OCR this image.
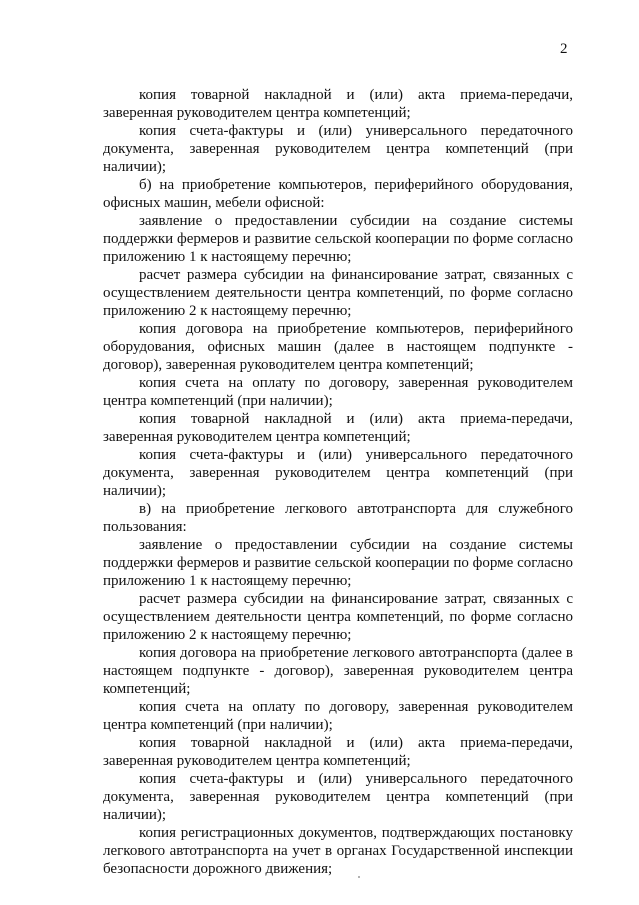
2

копия товарной накладной и (или) акта приема-передачи, заверенная руководителем центра компетенций;

копия счета-фактуры и (или) универсального передаточного документа, заверенная руководителем центра компетенций (при наличии);

б) на приобретение компьютеров, периферийного оборудования, офисных машин, мебели офисной:

заявление о предоставлении субсидии на создание системы поддержки фермеров и развитие сельской кооперации по форме согласно приложению 1 к настоящему перечню;

расчет размера субсидии на финансирование затрат, связанных с осуществлением деятельности центра компетенций, по форме согласно приложению 2 к настоящему перечню;

копия договора на приобретение компьютеров, периферийного оборудования, офисных машин (далее в настоящем подпункте - договор), заверенная руководителем центра компетенций;

копия счета на оплату по договору, заверенная руководителем центра компетенций (при наличии);

копия товарной накладной и (или) акта приема-передачи, заверенная руководителем центра компетенций;

копия счета-фактуры и (или) универсального передаточного документа, заверенная руководителем центра компетенций (при наличии);

в) на приобретение легкового автотранспорта для служебного пользования:

заявление о предоставлении субсидии на создание системы поддержки фермеров и развитие сельской кооперации по форме согласно приложению 1 к настоящему перечню;

расчет размера субсидии на финансирование затрат, связанных с осуществлением деятельности центра компетенций, по форме согласно приложению 2 к настоящему перечню;

копия договора на приобретение легкового автотранспорта (далее в настоящем подпункте - договор), заверенная руководителем центра компетенций;

копия счета на оплату по договору, заверенная руководителем центра компетенций (при наличии);

копия товарной накладной и (или) акта приема-передачи, заверенная руководителем центра компетенций;

копия счета-фактуры и (или) универсального передаточного документа, заверенная руководителем центра компетенций (при наличии);

копия регистрационных документов, подтверждающих постановку легкового автотранспорта на учет в органах Государственной инспекции безопасности дорожного движения;
